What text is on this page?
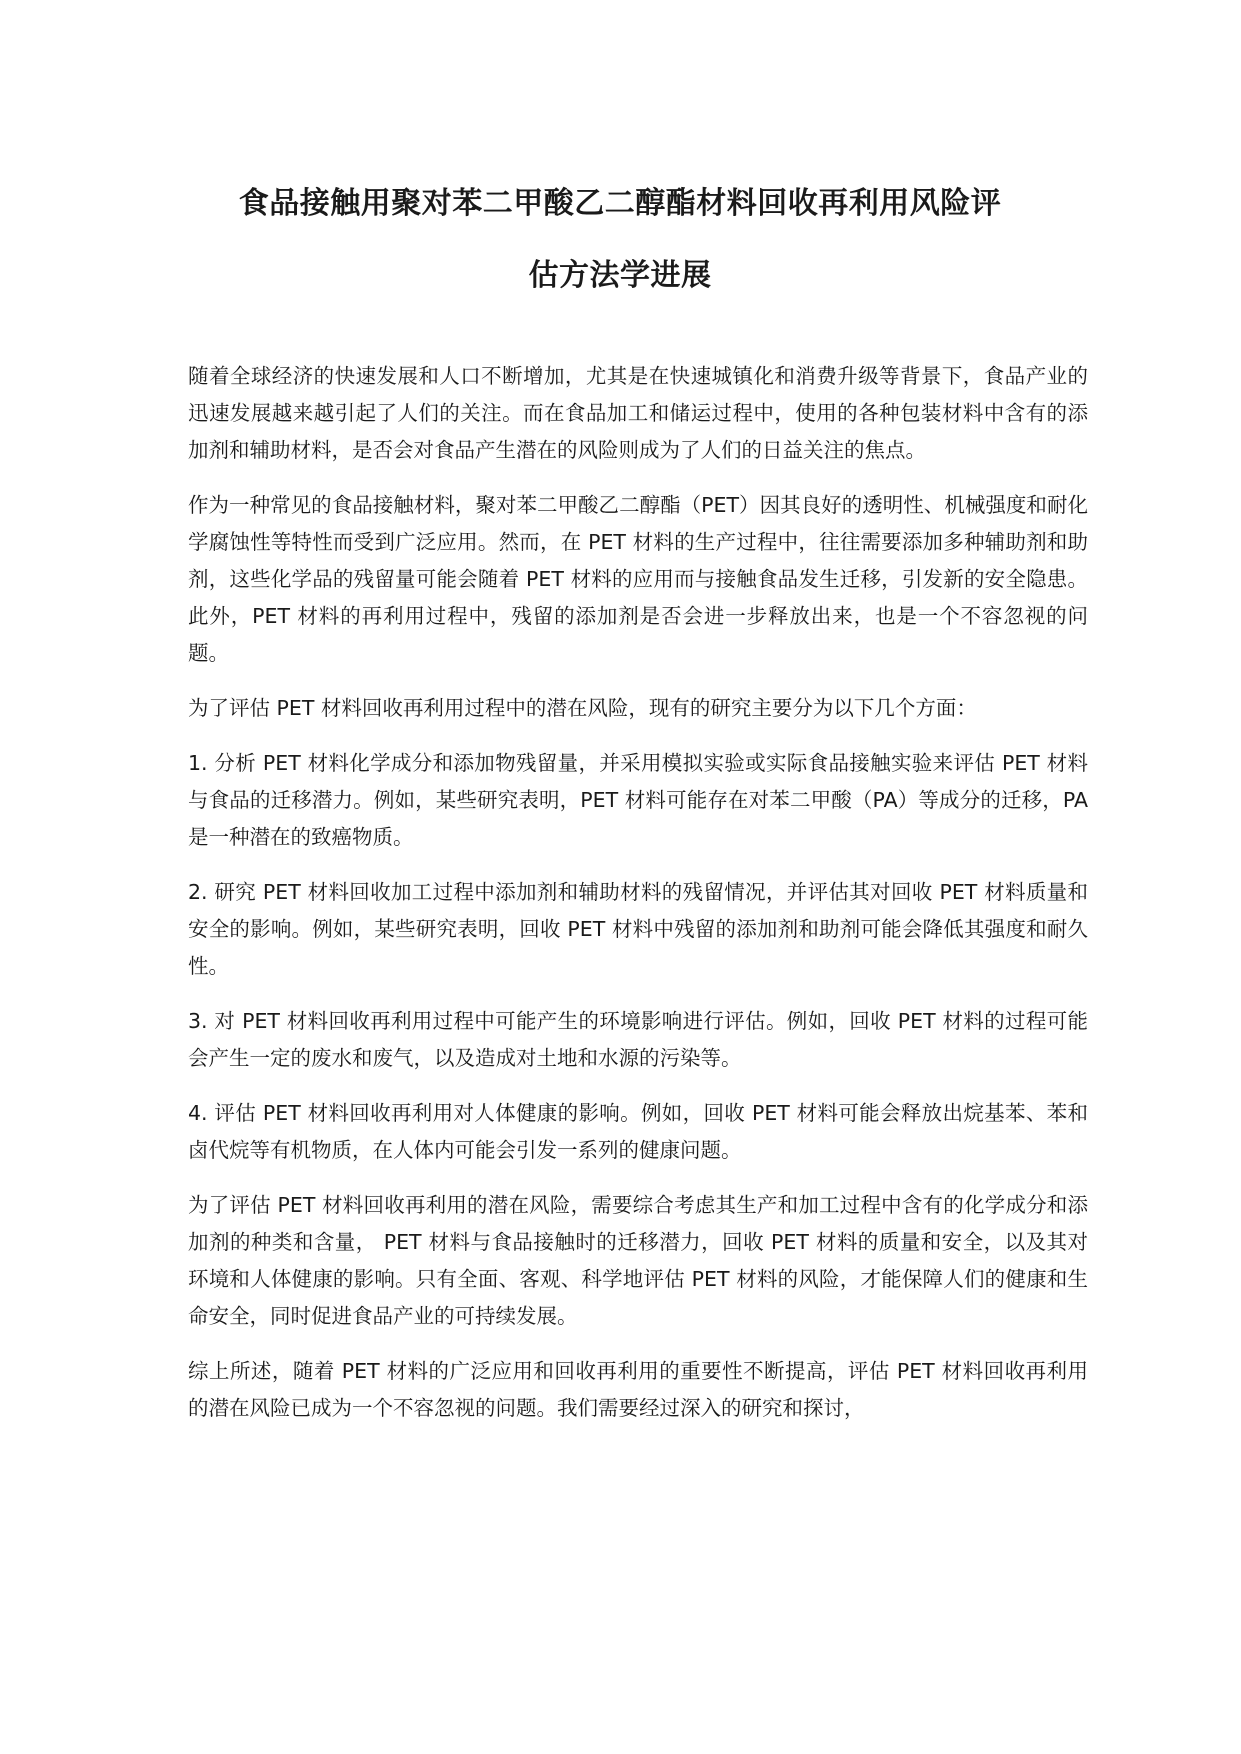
食品接触用聚对苯二甲酸乙二醇酯材料回收再利用风险评
估方法学进展

随着全球经济的快速发展和人口不断增加，尤其是在快速城镇化和消费升级等背景下，食品产业的迅速发展越来越引起了人们的关注。而在食品加工和储运过程中，使用的各种包装材料中含有的添加剂和辅助材料，是否会对食品产生潜在的风险则成为了人们的日益关注的焦点。

作为一种常见的食品接触材料，聚对苯二甲酸乙二醇酯（PET）因其良好的透明性、机械强度和耐化学腐蚀性等特性而受到广泛应用。然而，在 PET 材料的生产过程中，往往需要添加多种辅助剂和助剂，这些化学品的残留量可能会随着 PET 材料的应用而与接触食品发生迁移，引发新的安全隐患。此外，PET 材料的再利用过程中，残留的添加剂是否会进一步释放出来，也是一个不容忽视的问题。

为了评估 PET 材料回收再利用过程中的潜在风险，现有的研究主要分为以下几个方面：

1. 分析 PET 材料化学成分和添加物残留量，并采用模拟实验或实际食品接触实验来评估 PET 材料与食品的迁移潜力。例如，某些研究表明，PET 材料可能存在对苯二甲酸（PA）等成分的迁移，PA 是一种潜在的致癌物质。

2. 研究 PET 材料回收加工过程中添加剂和辅助材料的残留情况，并评估其对回收 PET 材料质量和安全的影响。例如，某些研究表明，回收 PET 材料中残留的添加剂和助剂可能会降低其强度和耐久性。

3. 对 PET 材料回收再利用过程中可能产生的环境影响进行评估。例如，回收 PET 材料的过程可能会产生一定的废水和废气，以及造成对土地和水源的污染等。

4. 评估 PET 材料回收再利用对人体健康的影响。例如，回收 PET 材料可能会释放出烷基苯、苯和卤代烷等有机物质，在人体内可能会引发一系列的健康问题。

为了评估 PET 材料回收再利用的潜在风险，需要综合考虑其生产和加工过程中含有的化学成分和添加剂的种类和含量， PET 材料与食品接触时的迁移潜力，回收 PET 材料的质量和安全，以及其对环境和人体健康的影响。只有全面、客观、科学地评估 PET 材料的风险，才能保障人们的健康和生命安全，同时促进食品产业的可持续发展。

综上所述，随着 PET 材料的广泛应用和回收再利用的重要性不断提高，评估 PET 材料回收再利用的潜在风险已成为一个不容忽视的问题。我们需要经过深入的研究和探讨，
